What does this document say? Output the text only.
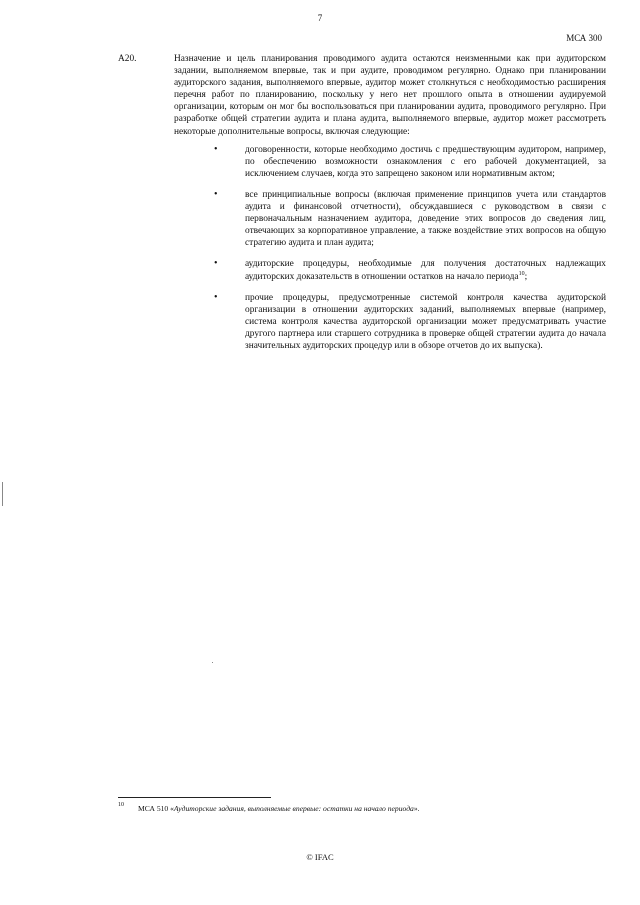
7
МСА 300
A20.	Назначение и цель планирования проводимого аудита остаются неизменными как при аудиторском задании, выполняемом впервые, так и при аудите, проводимом регулярно. Однако при планировании аудиторского задания, выполняемого впервые, аудитор может столкнуться с необходимостью расширения перечня работ по планированию, поскольку у него нет прошлого опыта в отношении аудируемой организации, которым он мог бы воспользоваться при планировании аудита, проводимого регулярно. При разработке общей стратегии аудита и плана аудита, выполняемого впервые, аудитор может рассмотреть некоторые дополнительные вопросы, включая следующие:
•	договоренности, которые необходимо достичь с предшествующим аудитором, например, по обеспечению возможности ознакомления с его рабочей документацией, за исключением случаев, когда это запрещено законом или нормативным актом;
•	все принципиальные вопросы (включая применение принципов учета или стандартов аудита и финансовой отчетности), обсуждавшиеся с руководством в связи с первоначальным назначением аудитора, доведение этих вопросов до сведения лиц, отвечающих за корпоративное управление, а также воздействие этих вопросов на общую стратегию аудита и план аудита;
•	аудиторские процедуры, необходимые для получения достаточных надлежащих аудиторских доказательств в отношении остатков на начало периода$^{10}$;
•	прочие процедуры, предусмотренные системой контроля качества аудиторской организации в отношении аудиторских заданий, выполняемых впервые (например, система контроля качества аудиторской организации может предусматривать участие другого партнера или старшего сотрудника в проверке общей стратегии аудита до начала значительных аудиторских процедур или в обзоре отчетов до их выпуска).
10 МСА 510 «Аудиторские задания, выполняемые впервые: остатки на начало периода».
© IFAC
